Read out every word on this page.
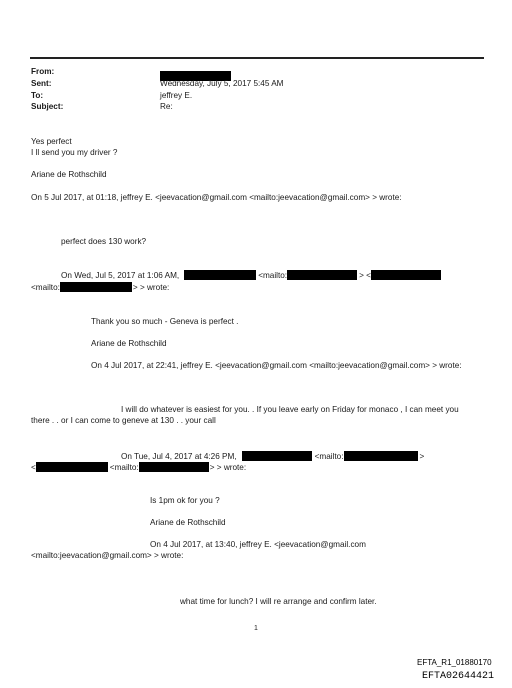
From:
Sent:	Wednesday, July 5, 2017 5:45 AM
To:	jeffrey E.
Subject:	Re:
Yes perfect
I ll send you my driver ?
Ariane de Rothschild
On 5 Jul 2017, at 01:18, jeffrey E. <jeevacation@gmail.com <mailto:jeevacation@gmail.com> > wrote:
perfect does 130 work?
On Wed, Jul 5, 2017 at 1:06 AM,	<mailto:	> <
<mailto:	> > wrote:
Thank you so much - Geneva is perfect .
Ariane de Rothschild
On 4 Jul 2017, at 22:41, jeffrey E. <jeevacation@gmail.com <mailto:jeevacation@gmail.com> > wrote:
I will do whatever is easiest for you. . If you leave early on Friday for monaco , I can meet you
there . . or I can come to geneve at 130 . . your call
On Tue, Jul 4, 2017 at 4:26 PM,	<mailto:	>
<	<mailto:	> > wrote:
Is 1pm ok for you ?
Ariane de Rothschild
On 4 Jul 2017, at 13:40, jeffrey E. <jeevacation@gmail.com
<mailto:jeevacation@gmail.com> > wrote:
what time for lunch? I will re arrange and confirm later.
1
EFTA_R1_01880170
EFTA02644421
